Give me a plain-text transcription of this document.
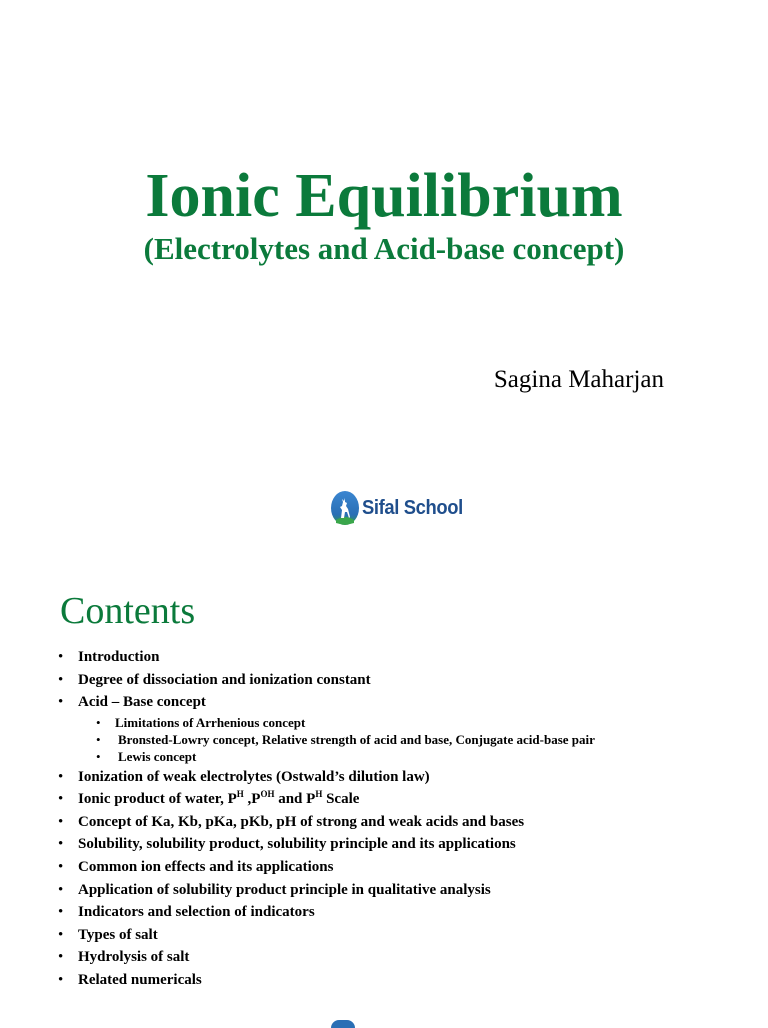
Ionic Equilibrium
(Electrolytes and Acid-base concept)
Sagina Maharjan
Sifal School
Contents
• Introduction
• Degree of dissociation and ionization constant
• Acid – Base concept
• Limitations of Arrhenious concept
• Bronsted-Lowry concept, Relative strength of acid and base, Conjugate acid-base pair
• Lewis concept
• Ionization of weak electrolytes (Ostwald’s dilution law)
• Ionic product of water, $P^H$ $,P^{OH}$ and $P^H$ Scale
• Concept of Ka, Kb, pKa, pKb, pH of strong and weak acids and bases
• Solubility, solubility product, solubility principle and its applications
• Common ion effects and its applications
• Application of solubility product principle in qualitative analysis
• Indicators and selection of indicators
• Types of salt
• Hydrolysis of salt
• Related numericals
